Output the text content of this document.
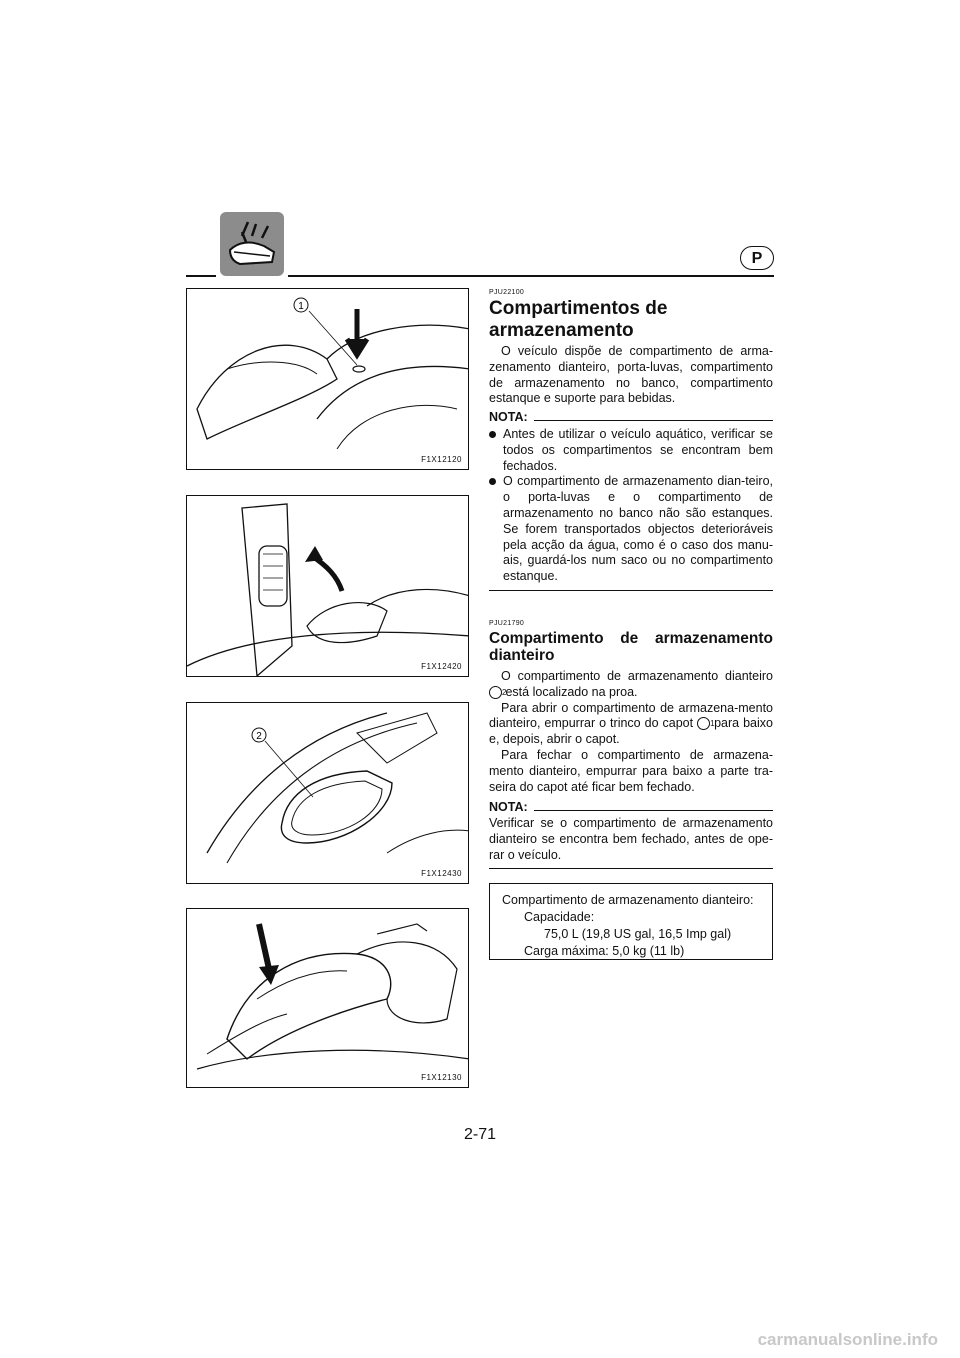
P
1
F1X12120
F1X12420
2
F1X12430
F1X12130
PJU22100
Compartimentos de armazenamento
O veículo dispõe de compartimento de arma-zenamento dianteiro, porta-luvas, compartimento de armazenamento no banco, compartimento estanque e suporte para bebidas.
NOTA:
Antes de utilizar o veículo aquático, verificar se todos os compartimentos se encontram bem fechados.
O compartimento de armazenamento dian-teiro, o porta-luvas e o compartimento de armazenamento no banco não são estanques. Se forem transportados objectos deterioráveis pela acção da água, como é o caso dos manu-ais, guardá-los num saco ou no compartimento estanque.
PJU21790
Compartimento de armazenamento dianteiro
O compartimento de armazenamento dianteiro 2 está localizado na proa.
Para abrir o compartimento de armazena-mento dianteiro, empurrar o trinco do capot 1 para baixo e, depois, abrir o capot.
Para fechar o compartimento de armazena-mento dianteiro, empurrar para baixo a parte tra-seira do capot até ficar bem fechado.
NOTA:
Verificar se o compartimento de armazenamento dianteiro se encontra bem fechado, antes de ope-rar o veículo.
Compartimento de armazenamento dianteiro:
Capacidade:
75,0 L (19,8 US gal, 16,5 Imp gal)
Carga máxima: 5,0 kg (11 lb)
2-71
carmanualsonline.info
